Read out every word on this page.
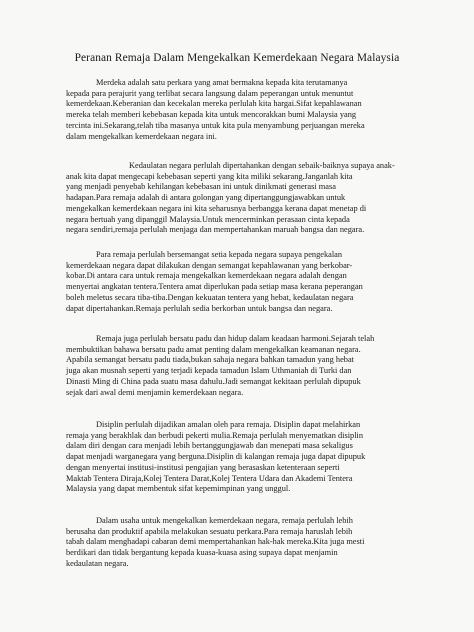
Peranan Remaja Dalam Mengekalkan Kemerdekaan Negara Malaysia

Merdeka adalah satu perkara yang amat bermakna kepada kita terutamanya
kepada para perajurit yang terlibat secara langsung dalam peperangan untuk menuntut
kemerdekaan.Keberanian dan kecekalan mereka perlulah kita hargai.Sifat kepahlawanan
mereka telah memberi kebebasan kepada kita untuk mencorakkan bumi Malaysia yang
tercinta ini.Sekarang,telah tiba masanya untuk kita pula menyambung perjuangan mereka
dalam mengekalkan kemerdekaan negara ini.

Kedaulatan negara perlulah dipertahankan dengan sebaik-baiknya supaya anak-
anak kita dapat mengecapi kebebasan seperti yang kita miliki sekarang.Janganlah kita
yang menjadi penyebab kehilangan kebebasan ini untuk dinikmati generasi masa
hadapan.Para remaja adalah di antara golongan yang dipertanggungjawabkan untuk
mengekalkan kemerdekaan negara ini kita seharusnya berbangga kerana dapat menetap di
negara bertuah yang dipanggil Malaysia.Untuk mencerminkan perasaan cinta kepada
negara sendiri,remaja perlulah menjaga dan mempertahankan maruah bangsa dan negara.

Para remaja perlulah bersemangat setia kepada negara supaya pengekalan
kemerdekaan negara dapat dilakukan dengan semangat kepahlawanan yang berkobar-
kobar.Di antara cara untuk remaja mengekalkan kemerdekaan negara adalah dengan
menyertai angkatan tentera.Tentera amat diperlukan pada setiap masa kerana peperangan
boleh meletus secara tiba-tiba.Dengan kekuatan tentera yang hebat, kedaulatan negara
dapat dipertahankan.Remaja perlulah sedia berkorban untuk bangsa dan negara.

Remaja juga perlulah bersatu padu dan hidup dalam keadaan harmoni.Sejarah telah
membuktikan bahawa bersatu padu amat penting dalam mengekalkan keamanan negara.
Apabila semangat bersatu padu tiada,bukan sahaja negara bahkan tamadun yang hebat
juga akan musnah seperti yang terjadi kepada tamadun Islam Uthmaniah di Turki dan
Dinasti Ming di China pada suatu masa dahulu.Jadi semangat kekitaan perlulah dipupuk
sejak dari awal demi menjamin kemerdekaan negara.

Disiplin perlulah dijadikan amalan oleh para remaja. Disiplin dapat melahirkan
remaja yang berakhlak dan berbudi pekerti mulia.Remaja perlulah menyematkan disiplin
dalam diri dengan cara menjadi lebih bertanggungjawab dan menepati masa sekaligus
dapat menjadi warganegara yang berguna.Disiplin di kalangan remaja juga dapat dipupuk
dengan menyertai institusi-institusi pengajian yang berasaskan ketenteraan seperti
Maktab Tentera Diraja,Kolej Tentera Darat,Kolej Tentera Udara dan Akademi Tentera
Malaysia yang dapat membentuk sifat kepemimpinan yang unggul.

Dalam usaha untuk mengekalkan kemerdekaan negara, remaja perlulah lebih
berusaha dan produktif apabila melakukan sesuatu perkara.Para remaja haruslah lebih
tabah dalam menghadapi cabaran demi mempertahankan hak-hak mereka.Kita juga mesti
berdikari dan tidak bergantung kepada kuasa-kuasa asing supaya dapat menjamin
kedaulatan negara.
